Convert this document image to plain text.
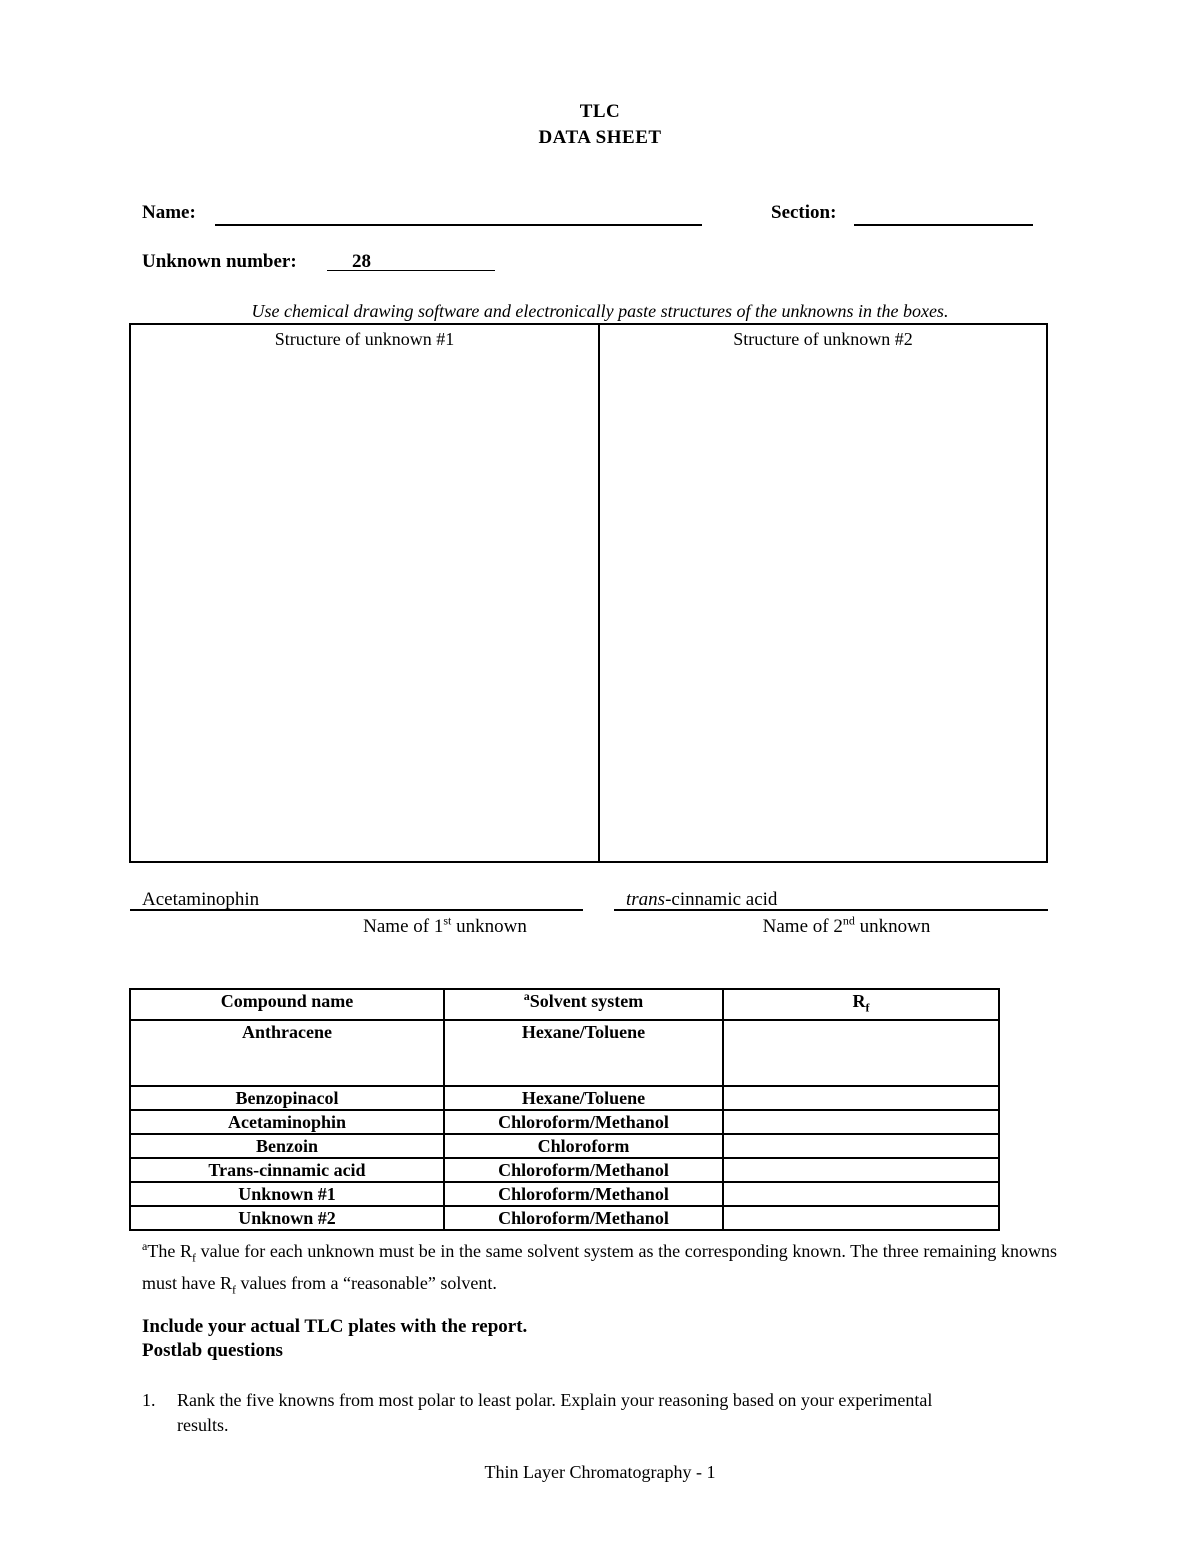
TLC
DATA SHEET
Name:	Section:
Unknown number:	28
Use chemical drawing software and electronically paste structures of the unknowns in the boxes.
Structure of unknown #1	Structure of unknown #2
Acetaminophin
Name of 1st unknown
trans-cinnamic acid
Name of 2nd unknown
Compound name	$^a$Solvent system	$R_f$
Anthracene	Hexane/Toluene	
Benzopinacol	Hexane/Toluene	
Acetaminophin	Chloroform/Methanol	
Benzoin	Chloroform	
Trans-cinnamic acid	Chloroform/Methanol	
Unknown #1	Chloroform/Methanol	
Unknown #2	Chloroform/Methanol	
$^a$The $R_f$ value for each unknown must be in the same solvent system as the corresponding known. The three remaining knowns must have $R_f$ values from a “reasonable” solvent.
Include your actual TLC plates with the report.
Postlab questions
1. Rank the five knowns from most polar to least polar. Explain your reasoning based on your experimental results.
Thin Layer Chromatography - 1
